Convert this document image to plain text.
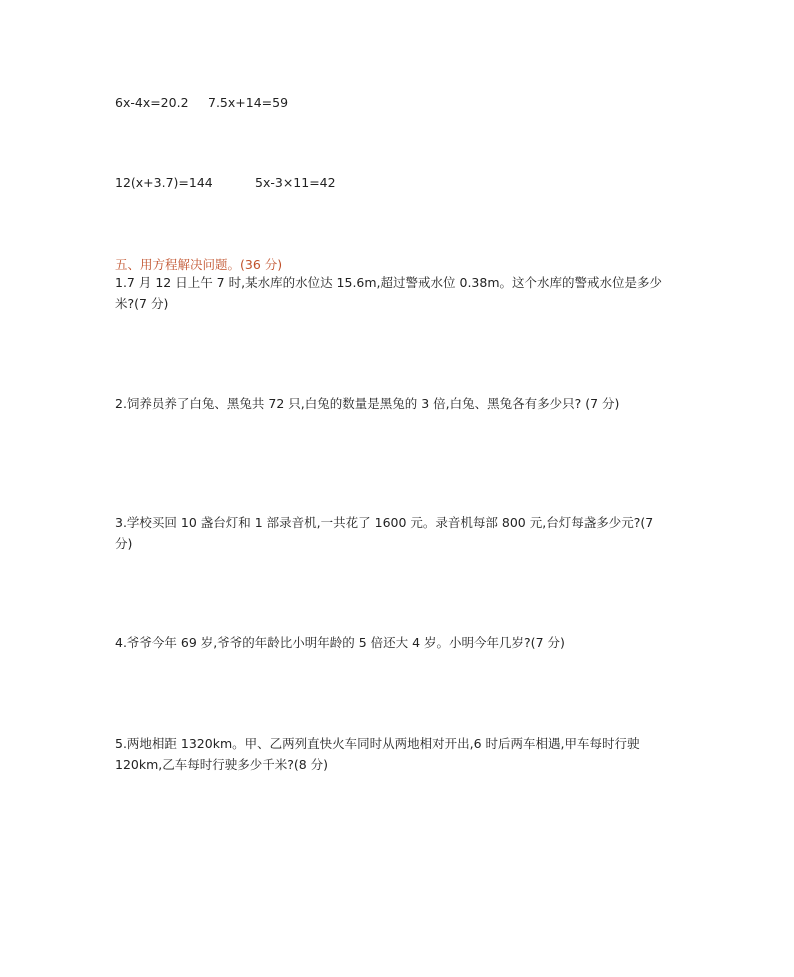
6x-4x=20.2 7.5x+14=59
12(x+3.7)=144	5x-3×11=42
五、用方程解决问题。(36 分)
1.7 月 12 日上午 7 时,某水库的水位达 15.6m,超过警戒水位 0.38m。这个水库的警戒水位是多少
米?(7 分)
2.饲养员养了白兔、黑兔共 72 只,白兔的数量是黑兔的 3 倍,白兔、黑兔各有多少只? (7 分)
3.学校买回 10 盏台灯和 1 部录音机,一共花了 1600 元。录音机每部 800 元,台灯每盏多少元?(7
分)
4.爷爷今年 69 岁,爷爷的年龄比小明年龄的 5 倍还大 4 岁。小明今年几岁?(7 分)
5.两地相距 1320km。甲、乙两列直快火车同时从两地相对开出,6 时后两车相遇,甲车每时行驶
120km,乙车每时行驶多少千米?(8 分)
